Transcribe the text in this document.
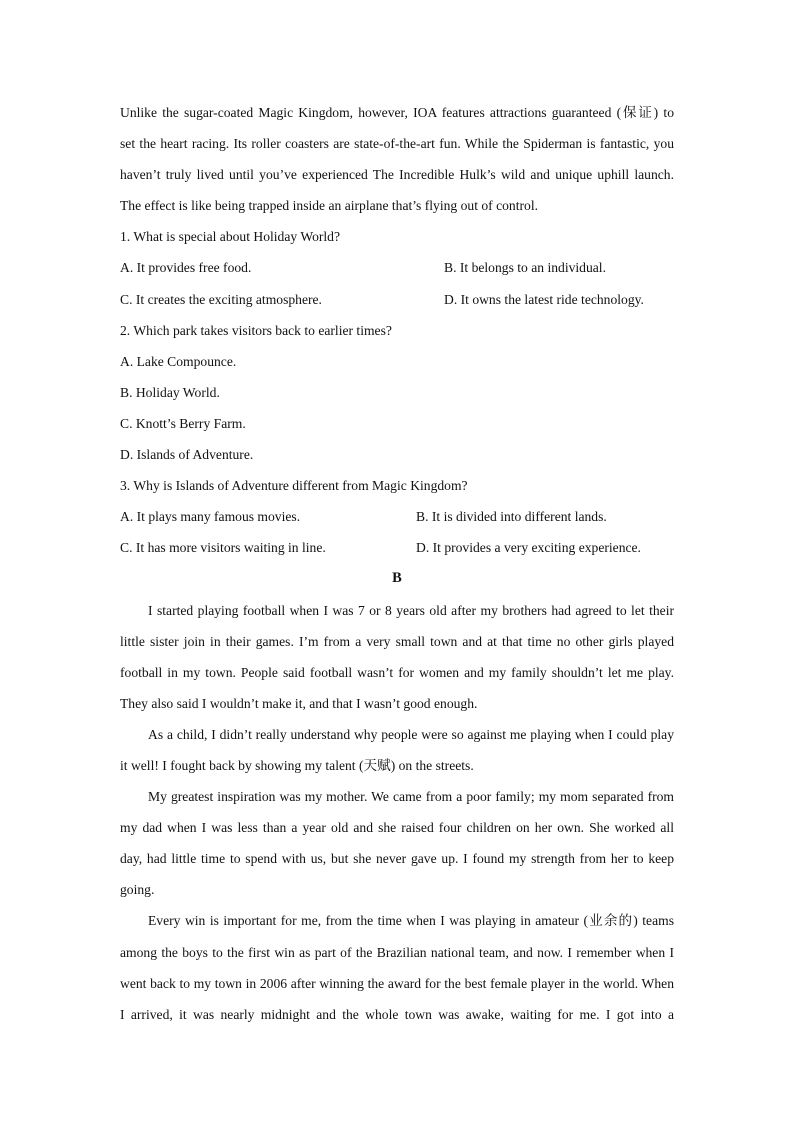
Unlike the sugar-coated Magic Kingdom, however, IOA features attractions guaranteed (保证) to
set the heart racing. Its roller coasters are state-of-the-art fun. While the Spiderman is fantastic, you
haven’t truly lived until you’ve experienced The Incredible Hulk’s wild and unique uphill launch.
The effect is like being trapped inside an airplane that’s flying out of control.
1. What is special about Holiday World?
A. It provides free food.	B. It belongs to an individual.
C. It creates the exciting atmosphere.	D. It owns the latest ride technology.
2. Which park takes visitors back to earlier times?
A. Lake Compounce.
B. Holiday World.
C. Knott’s Berry Farm.
D. Islands of Adventure.
3. Why is Islands of Adventure different from Magic Kingdom?
A. It plays many famous movies.	B. It is divided into different lands.
C. It has more visitors waiting in line.	D. It provides a very exciting experience.
B
I started playing football when I was 7 or 8 years old after my brothers had agreed to let their
little sister join in their games. I’m from a very small town and at that time no other girls played
football in my town. People said football wasn’t for women and my family shouldn’t let me play.
They also said I wouldn’t make it, and that I wasn’t good enough.
As a child, I didn’t really understand why people were so against me playing when I could play
it well! I fought back by showing my talent (天赋) on the streets.
My greatest inspiration was my mother. We came from a poor family; my mom separated from
my dad when I was less than a year old and she raised four children on her own. She worked all
day, had little time to spend with us, but she never gave up. I found my strength from her to keep
going.
Every win is important for me, from the time when I was playing in amateur (业余的) teams
among the boys to the first win as part of the Brazilian national team, and now. I remember when I
went back to my town in 2006 after winning the award for the best female player in the world. When
I arrived, it was nearly midnight and the whole town was awake, waiting for me. I got into a
